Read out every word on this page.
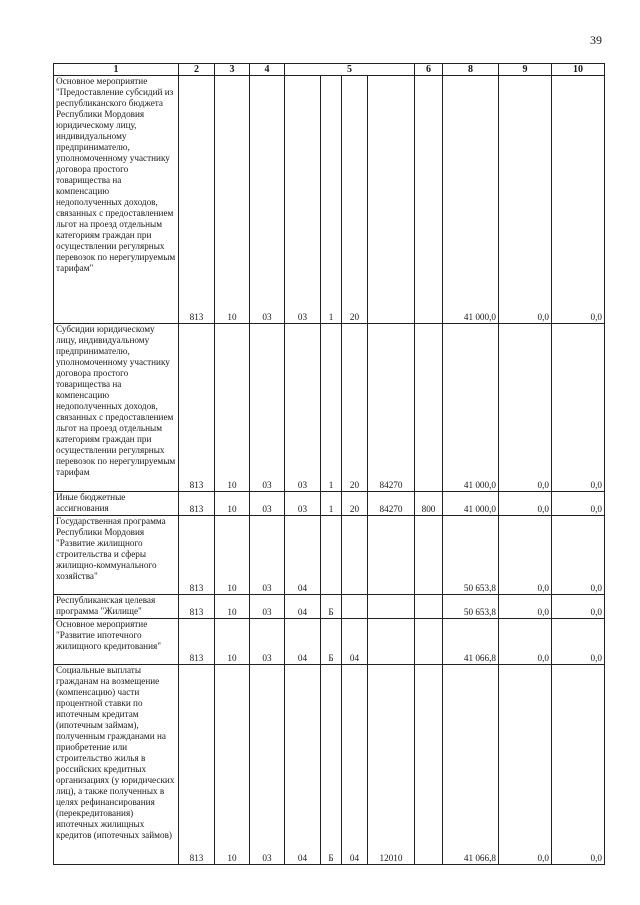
39
1	2	3	4	5				6	8	9	10
Основное мероприятие "Предоставление субсидий из республиканского бюджета Республики Мордовия юридическому лицу, индивидуальному предпринимателю, уполномоченному участнику договора простого товарищества на компенсацию недополученных доходов, связанных с предоставлением льгот на проезд отдельным категориям граждан при осуществлении регулярных перевозок по нерегулируемым тарифам"	813	10	03	03	1	20			41 000,0	0,0	0,0
Субсидии юридическому лицу, индивидуальному предпринимателю, уполномоченному участнику договора простого товарищества на компенсацию недополученных доходов, связанных с предоставлением льгот на проезд отдельным категориям граждан при осуществлении регулярных перевозок по нерегулируемым тарифам	813	10	03	03	1	20	84270		41 000,0	0,0	0,0
Иные бюджетные ассигнования	813	10	03	03	1	20	84270	800	41 000,0	0,0	0,0
Государственная программа Республики Мордовия "Развитие жилищного строительства и сферы жилищно-коммунального хозяйства"	813	10	03	04					50 653,8	0,0	0,0
Республиканская целевая программа "Жилище"	813	10	03	04	Б				50 653,8	0,0	0,0
Основное мероприятие "Развитие ипотечного жилищного кредитования"	813	10	03	04	Б	04			41 066,8	0,0	0,0
Социальные выплаты гражданам на возмещение (компенсацию) части процентной ставки по ипотечным кредитам (ипотечным займам), полученным гражданами на приобретение или строительство жилья в российских кредитных организациях (у юридических лиц), а также полученных в целях рефинансирования (перекредитования) ипотечных жилищных кредитов (ипотечных займов)	813	10	03	04	Б	04	12010		41 066,8	0,0	0,0
